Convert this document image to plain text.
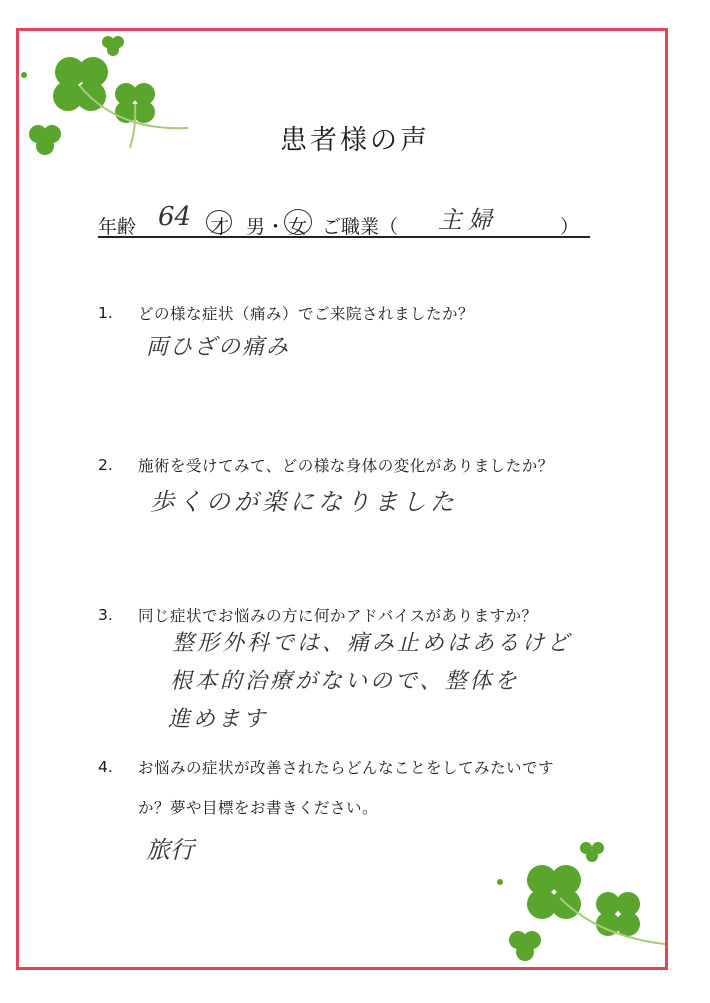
患者様の声
年齢 64 才 男 ・ 女 ご職業（ 主婦	）
1. どの様な症状（痛み）でご来院されましたか？
両ひざの痛み
2. 施術を受けてみて、どの様な身体の変化がありましたか？
歩くのが楽になりました
3. 同じ症状でお悩みの方に何かアドバイスがありますか？
整形外科では、痛み止めはあるけど
根本的治療がないので、整体を
進めます
4. お悩みの症状が改善されたらどんなことをしてみたいです
か？夢や目標をお書きください。
旅行
